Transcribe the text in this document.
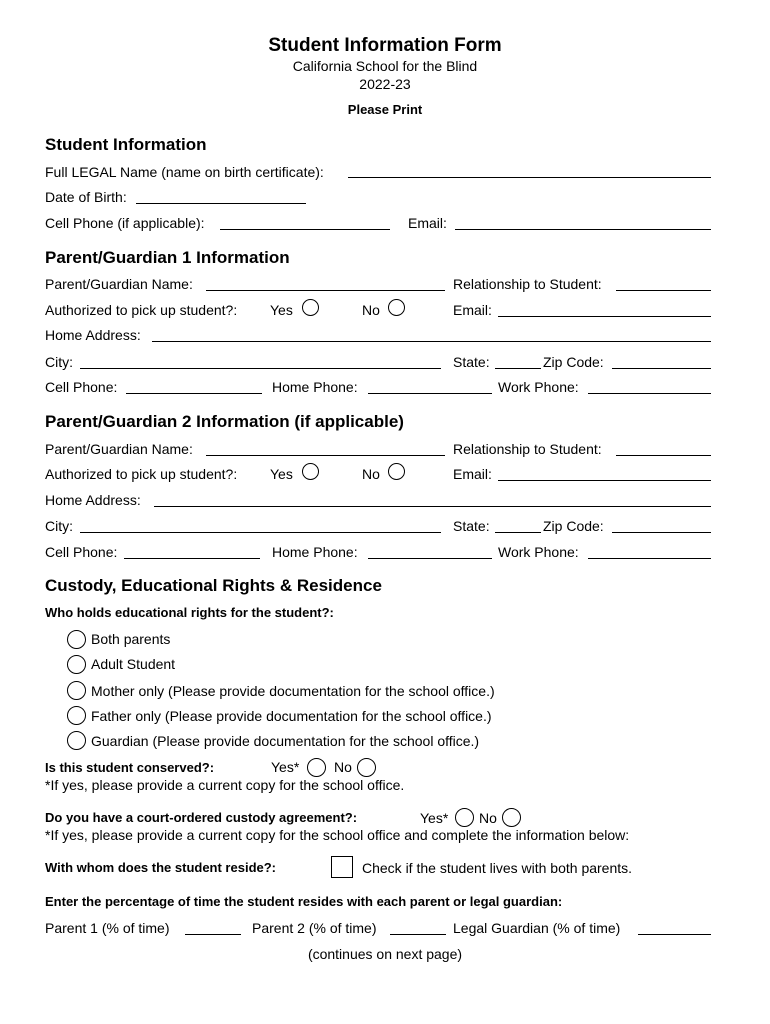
Student Information Form
California School for the Blind
2022-23
Please Print
Student Information
Full LEGAL Name (name on birth certificate):
Date of Birth:
Cell Phone (if applicable):	Email:
Parent/Guardian 1 Information
Parent/Guardian Name:	Relationship to Student:
Authorized to pick up student?: Yes	No	Email:
Home Address:
City:	State:	Zip Code:
Cell Phone:	Home Phone:	Work Phone:
Parent/Guardian 2 Information (if applicable)
Parent/Guardian Name:	Relationship to Student:
Authorized to pick up student?: Yes	No	Email:
Home Address:
City:	State:	Zip Code:
Cell Phone:	Home Phone:	Work Phone:
Custody, Educational Rights & Residence
Who holds educational rights for the student?:
Both parents
Adult Student
Mother only (Please provide documentation for the school office.)
Father only (Please provide documentation for the school office.)
Guardian (Please provide documentation for the school office.)
Is this student conserved?:	Yes* No
*If yes, please provide a current copy for the school office.
Do you have a court-ordered custody agreement?:	Yes* No
*If yes, please provide a current copy for the school office and complete the information below:
With whom does the student reside?:	Check if the student lives with both parents.
Enter the percentage of time the student resides with each parent or legal guardian:
Parent 1 (% of time)	Parent 2 (% of time)	Legal Guardian (% of time)
(continues on next page)
